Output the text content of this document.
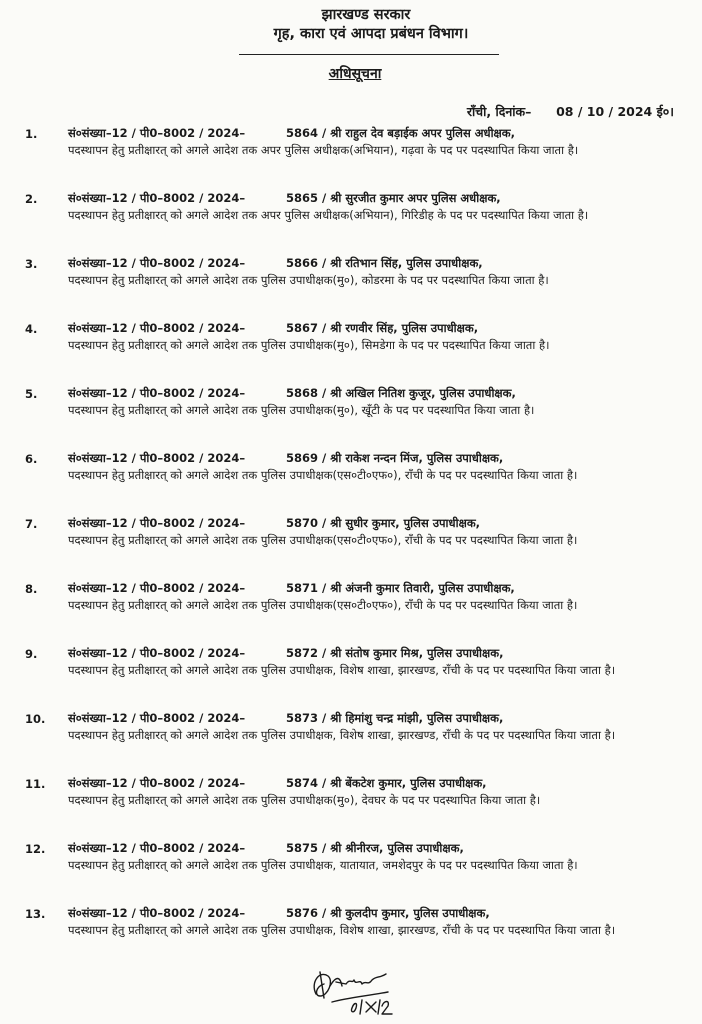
झारखण्ड सरकार
गृह, कारा एवं आपदा प्रबंधन विभाग।
अधिसूचना
राँची, दिनांक– 08 / 10 / 2024 ई०।
1.	सं०संख्या–12 / पी0–8002 / 2024–	5864 / श्री राहुल देव बड़ाईक अपर पुलिस अधीक्षक,
पदस्थापन हेतु प्रतीक्षारत् को अगले आदेश तक अपर पुलिस अधीक्षक(अभियान), गढ़वा के पद पर पदस्थापित किया जाता है।
2.	सं०संख्या–12 / पी0–8002 / 2024–	5865 / श्री सुरजीत कुमार अपर पुलिस अधीक्षक,
पदस्थापन हेतु प्रतीक्षारत् को अगले आदेश तक अपर पुलिस अधीक्षक(अभियान), गिरिडीह के पद पर पदस्थापित किया जाता है।
3.	सं०संख्या–12 / पी0–8002 / 2024–	5866 / श्री रतिभान सिंह, पुलिस उपाधीक्षक,
पदस्थापन हेतु प्रतीक्षारत् को अगले आदेश तक पुलिस उपाधीक्षक(मु०), कोडरमा के पद पर पदस्थापित किया जाता है।
4.	सं०संख्या–12 / पी0–8002 / 2024–	5867 / श्री रणवीर सिंह, पुलिस उपाधीक्षक,
पदस्थापन हेतु प्रतीक्षारत् को अगले आदेश तक पुलिस उपाधीक्षक(मु०), सिमडेगा के पद पर पदस्थापित किया जाता है।
5.	सं०संख्या–12 / पी0–8002 / 2024–	5868 / श्री अखिल नितिश कुजूर, पुलिस उपाधीक्षक,
पदस्थापन हेतु प्रतीक्षारत् को अगले आदेश तक पुलिस उपाधीक्षक(मु०), खूँटी के पद पर पदस्थापित किया जाता है।
6.	सं०संख्या–12 / पी0–8002 / 2024–	5869 / श्री राकेश नन्दन मिंज, पुलिस उपाधीक्षक,
पदस्थापन हेतु प्रतीक्षारत् को अगले आदेश तक पुलिस उपाधीक्षक(एस०टी०एफ०), राँची के पद पर पदस्थापित किया जाता है।
7.	सं०संख्या–12 / पी0–8002 / 2024–	5870 / श्री सुधीर कुमार, पुलिस उपाधीक्षक,
पदस्थापन हेतु प्रतीक्षारत् को अगले आदेश तक पुलिस उपाधीक्षक(एस०टी०एफ०), राँची के पद पर पदस्थापित किया जाता है।
8.	सं०संख्या–12 / पी0–8002 / 2024–	5871 / श्री अंजनी कुमार तिवारी, पुलिस उपाधीक्षक,
पदस्थापन हेतु प्रतीक्षारत् को अगले आदेश तक पुलिस उपाधीक्षक(एस०टी०एफ०), राँची के पद पर पदस्थापित किया जाता है।
9.	सं०संख्या–12 / पी0–8002 / 2024–	5872 / श्री संतोष कुमार मिश्र, पुलिस उपाधीक्षक,
पदस्थापन हेतु प्रतीक्षारत् को अगले आदेश तक पुलिस उपाधीक्षक, विशेष शाखा, झारखण्ड, राँची के पद पर पदस्थापित किया जाता है।
10. सं०संख्या–12 / पी0–8002 / 2024–	5873 / श्री हिमांशु चन्द्र मांझी, पुलिस उपाधीक्षक,
पदस्थापन हेतु प्रतीक्षारत् को अगले आदेश तक पुलिस उपाधीक्षक, विशेष शाखा, झारखण्ड, राँची के पद पर पदस्थापित किया जाता है।
11. सं०संख्या–12 / पी0–8002 / 2024–	5874 / श्री बेंकटेश कुमार, पुलिस उपाधीक्षक,
पदस्थापन हेतु प्रतीक्षारत् को अगले आदेश तक पुलिस उपाधीक्षक(मु०), देवघर के पद पर पदस्थापित किया जाता है।
12. सं०संख्या–12 / पी0–8002 / 2024–	5875 / श्री श्रीनीरज, पुलिस उपाधीक्षक,
पदस्थापन हेतु प्रतीक्षारत् को अगले आदेश तक पुलिस उपाधीक्षक, यातायात, जमशेदपुर के पद पर पदस्थापित किया जाता है।
13. सं०संख्या–12 / पी0–8002 / 2024–	5876 / श्री कुलदीप कुमार, पुलिस उपाधीक्षक,
पदस्थापन हेतु प्रतीक्षारत् को अगले आदेश तक पुलिस उपाधीक्षक, विशेष शाखा, झारखण्ड, राँची के पद पर पदस्थापित किया जाता है।
